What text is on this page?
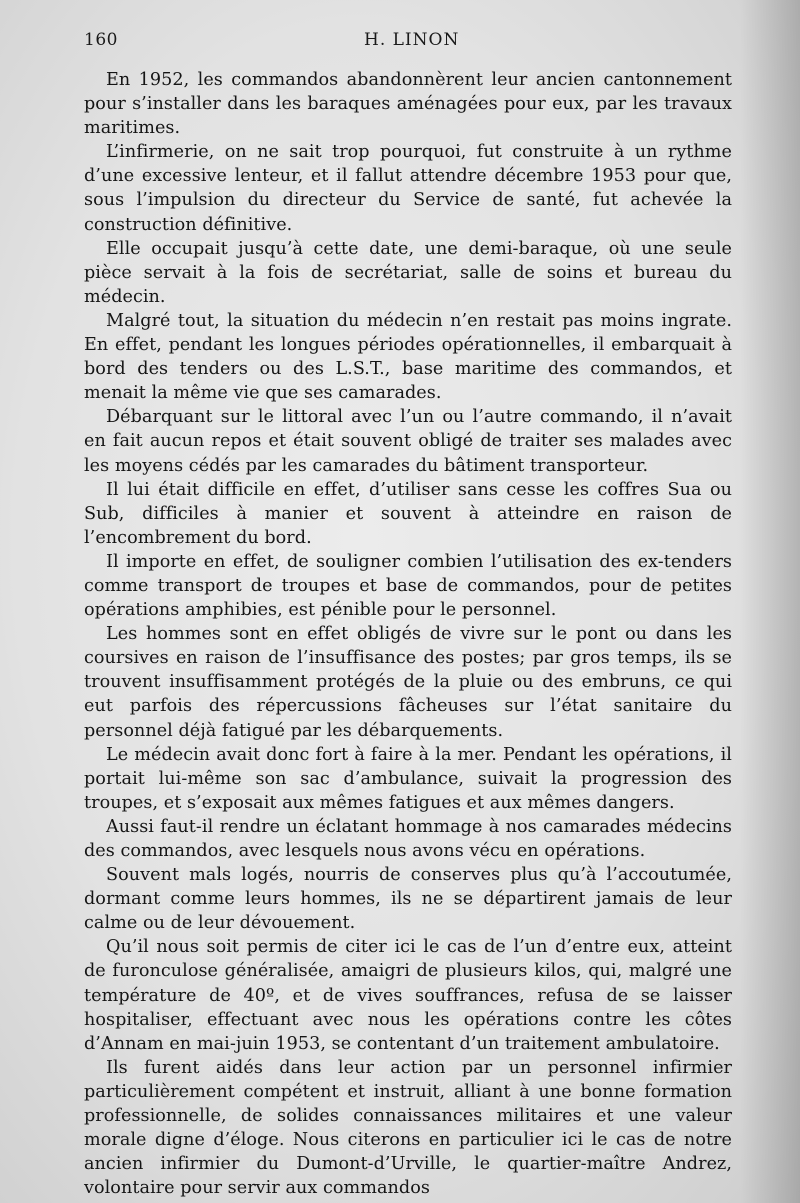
160	H. LINON

En 1952, les commandos abandonnèrent leur ancien cantonnement pour s’installer dans les baraques aménagées pour eux, par les travaux maritimes.

L’infirmerie, on ne sait trop pourquoi, fut construite à un rythme d’une excessive lenteur, et il fallut attendre décembre 1953 pour que, sous l’impulsion du directeur du Service de santé, fut achevée la construction définitive.

Elle occupait jusqu’à cette date, une demi-baraque, où une seule pièce servait à la fois de secrétariat, salle de soins et bureau du médecin.

Malgré tout, la situation du médecin n’en restait pas moins ingrate. En effet, pendant les longues périodes opérationnelles, il embarquait à bord des tenders ou des L.S.T., base maritime des commandos, et menait la même vie que ses camarades.

Débarquant sur le littoral avec l’un ou l’autre commando, il n’avait en fait aucun repos et était souvent obligé de traiter ses malades avec les moyens cédés par les camarades du bâtiment transporteur.

Il lui était difficile en effet, d’utiliser sans cesse les coffres Sua ou Sub, difficiles à manier et souvent à atteindre en raison de l’encombrement du bord.

Il importe en effet, de souligner combien l’utilisation des ex-tenders comme transport de troupes et base de commandos, pour de petites opérations amphibies, est pénible pour le personnel.

Les hommes sont en effet obligés de vivre sur le pont ou dans les coursives en raison de l’insuffisance des postes; par gros temps, ils se trouvent insuffisamment protégés de la pluie ou des embruns, ce qui eut parfois des répercussions fâcheuses sur l’état sanitaire du personnel déjà fatigué par les débarquements.

Le médecin avait donc fort à faire à la mer. Pendant les opérations, il portait lui-même son sac d’ambulance, suivait la progression des troupes, et s’exposait aux mêmes fatigues et aux mêmes dangers.

Aussi faut-il rendre un éclatant hommage à nos camarades médecins des commandos, avec lesquels nous avons vécu en opérations.

Souvent mals logés, nourris de conserves plus qu’à l’accoutumée, dormant comme leurs hommes, ils ne se départirent jamais de leur calme ou de leur dévouement.

Qu’il nous soit permis de citer ici le cas de l’un d’entre eux, atteint de furonculose généralisée, amaigri de plusieurs kilos, qui, malgré une température de 40º, et de vives souffrances, refusa de se laisser hospitaliser, effectuant avec nous les opérations contre les côtes d’Annam en mai-juin 1953, se contentant d’un traitement ambulatoire.

Ils furent aidés dans leur action par un personnel infirmier particulièrement compétent et instruit, alliant à une bonne formation professionnelle, de solides connaissances militaires et une valeur morale digne d’éloge. Nous citerons en particulier ici le cas de notre ancien infirmier du Dumont-d’Urville, le quartier-maître Andrez, volontaire pour servir aux commandos
